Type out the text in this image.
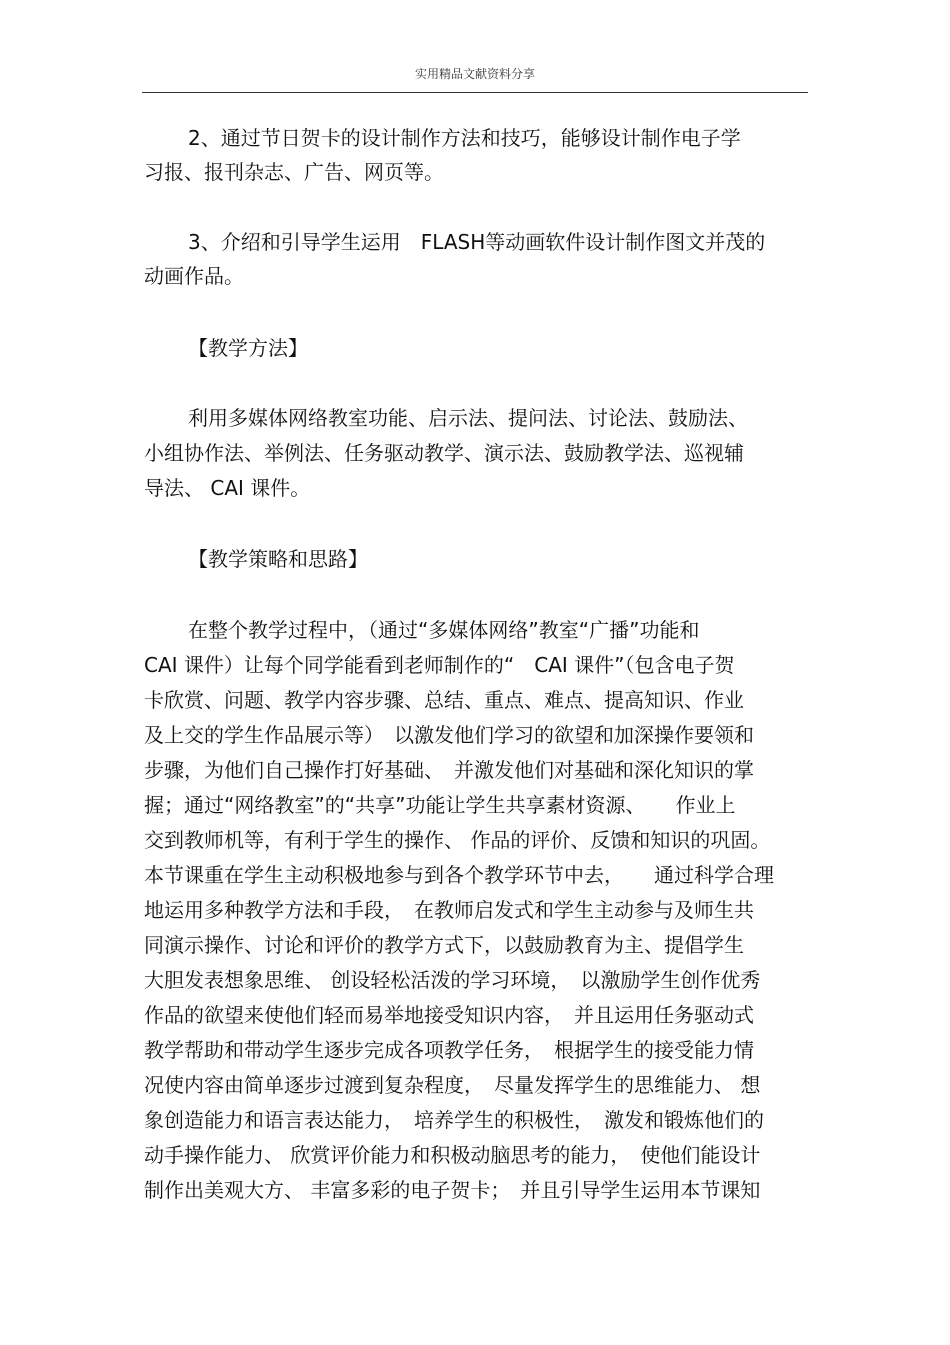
实用精品文献资料分享
2、通过节日贺卡的设计制作方法和技巧，能够设计制作电子学
习报、报刊杂志、广告、网页等。
3、介绍和引导学生运用　FLASH等动画软件设计制作图文并茂的
动画作品。
【教学方法】
利用多媒体网络教室功能、启示法、提问法、讨论法、鼓励法、
小组协作法、举例法、任务驱动教学、演示法、鼓励教学法、巡视辅
导法、 CAI 课件。
【教学策略和思路】
在整个教学过程中，（通过“多媒体网络”教室“广播”功能和
CAI 课件）让每个同学能看到老师制作的“　CAI 课件”（包含电子贺
卡欣赏、问题、教学内容步骤、总结、重点、难点、提高知识、作业
及上交的学生作品展示等）　以激发他们学习的欲望和加深操作要领和
步骤，为他们自己操作打好基础、　并激发他们对基础和深化知识的掌
握；通过“网络教室”的“共享”功能让学生共享素材资源、　　作业上
交到教师机等，有利于学生的操作、 作品的评价、反馈和知识的巩固。
本节课重在学生主动积极地参与到各个教学环节中去，　　通过科学合理
地运用多种教学方法和手段，　在教师启发式和学生主动参与及师生共
同演示操作、讨论和评价的教学方式下，以鼓励教育为主、提倡学生
大胆发表想象思维、 创设轻松活泼的学习环境，　以激励学生创作优秀
作品的欲望来使他们轻而易举地接受知识内容，　并且运用任务驱动式
教学帮助和带动学生逐步完成各项教学任务，　根据学生的接受能力情
况使内容由简单逐步过渡到复杂程度，　尽量发挥学生的思维能力、 想
象创造能力和语言表达能力，　培养学生的积极性，　激发和锻炼他们的
动手操作能力、 欣赏评价能力和积极动脑思考的能力，　使他们能设计
制作出美观大方、 丰富多彩的电子贺卡；　并且引导学生运用本节课知
